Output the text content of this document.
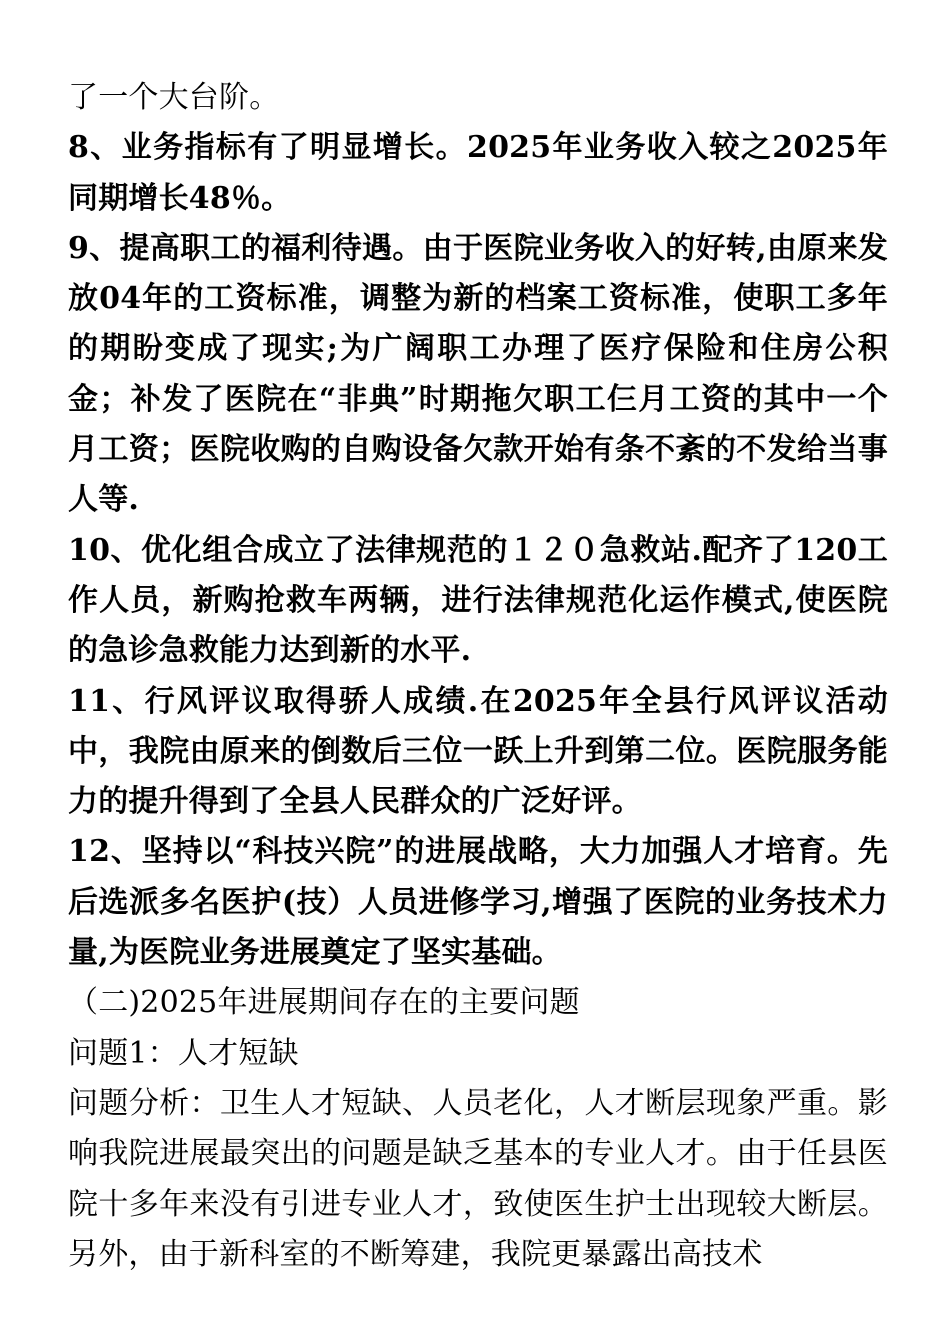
了一个大台阶。

8、业务指标有了明显增长。2025年业务收入较之2025年同期增长48％。

9、提高职工的福利待遇。由于医院业务收入的好转,由原来发放04年的工资标准，调整为新的档案工资标准，使职工多年的期盼变成了现实;为广阔职工办理了医疗保险和住房公积金；补发了医院在“非典”时期拖欠职工仨月工资的其中一个月工资；医院收购的自购设备欠款开始有条不紊的不发给当事人等.

10、优化组合成立了法律规范的１２０急救站.配齐了120工作人员，新购抢救车两辆，进行法律规范化运作模式,使医院的急诊急救能力达到新的水平.

11、行风评议取得骄人成绩.在2025年全县行风评议活动中，我院由原来的倒数后三位一跃上升到第二位。医院服务能力的提升得到了全县人民群众的广泛好评。

12、坚持以“科技兴院”的进展战略，大力加强人才培育。先后选派多名医护(技）人员进修学习,增强了医院的业务技术力量,为医院业务进展奠定了坚实基础。

（二)2025年进展期间存在的主要问题

问题1：人才短缺

问题分析：卫生人才短缺、人员老化，人才断层现象严重。影响我院进展最突出的问题是缺乏基本的专业人才。由于任县医院十多年来没有引进专业人才，致使医生护士出现较大断层。另外，由于新科室的不断筹建，我院更暴露出高技术
